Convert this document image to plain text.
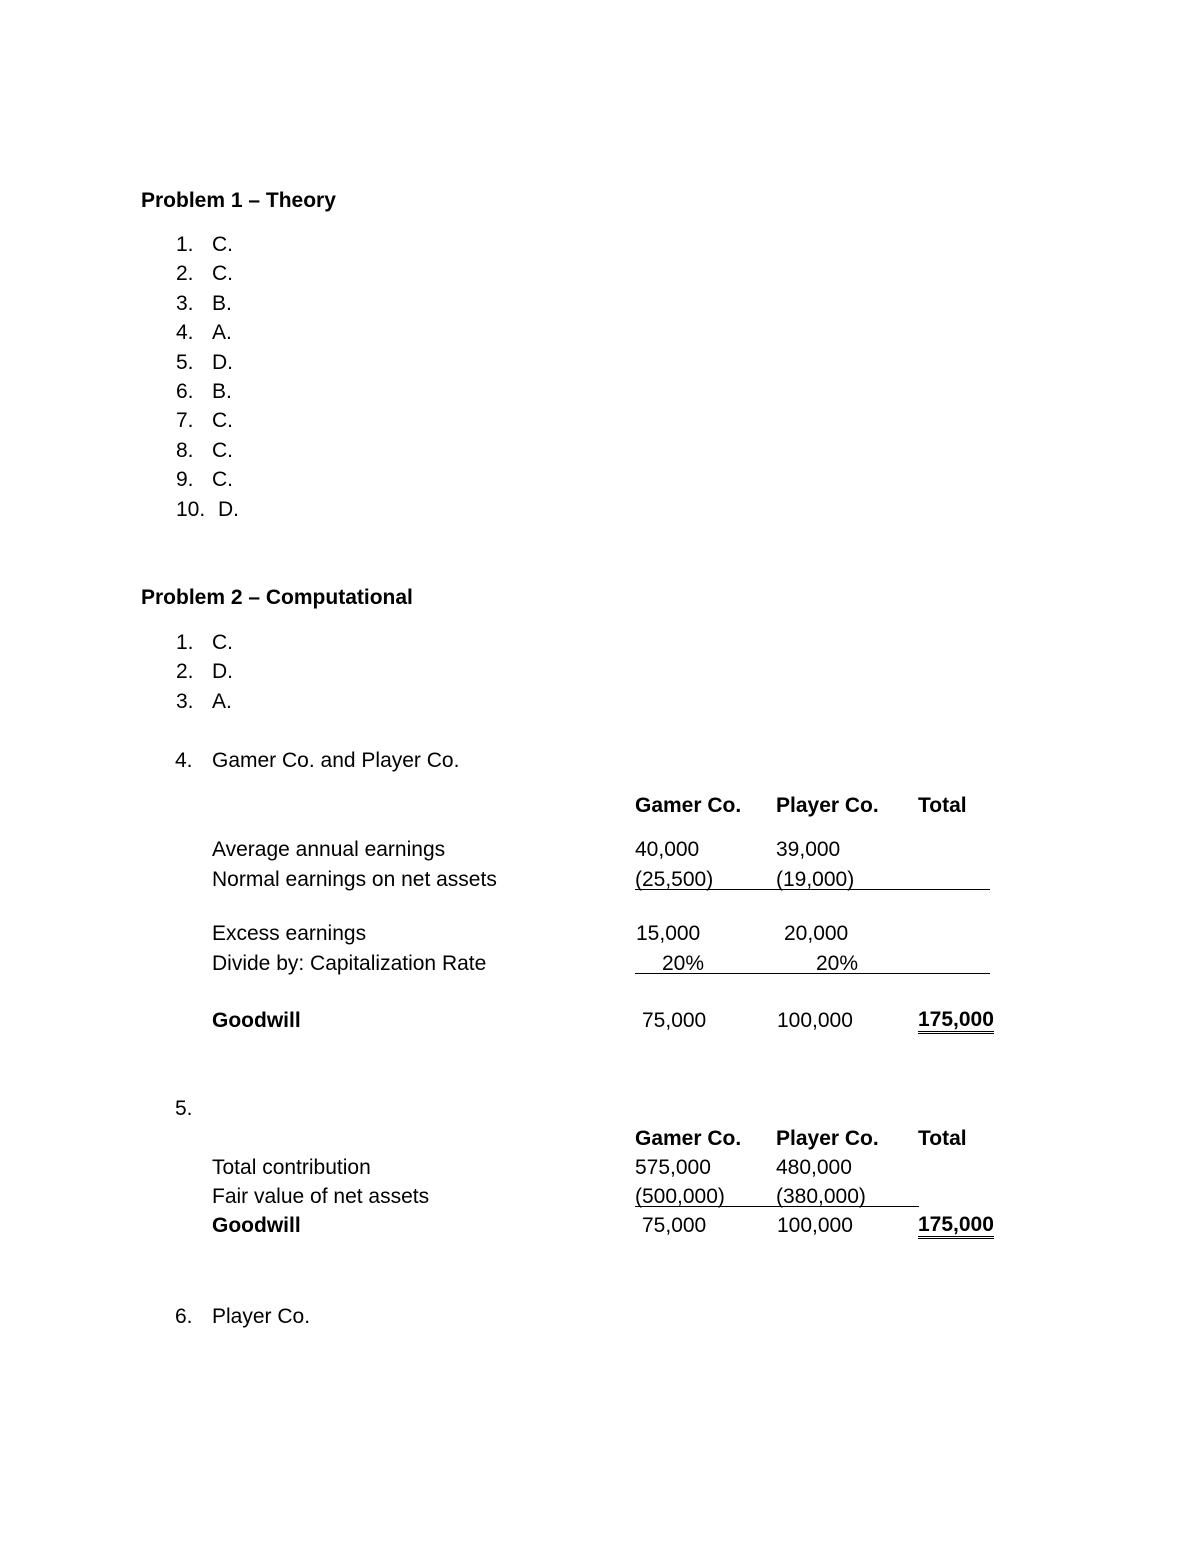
Problem 1 – Theory
1. C.
2. C.
3. B.
4. A.
5. D.
6. B.
7. C.
8. C.
9. C.
10. D.
Problem 2 – Computational
1. C.
2. D.
3. A.
4. Gamer Co. and Player Co.
Gamer Co. Player Co. Total
Average annual earnings	40,000	39,000
Normal earnings on net assets	(25,500)	(19,000)
Excess earnings	15,000	20,000
Divide by: Capitalization Rate	20%	20%
Goodwill	75,000	100,000	175,000
5.
Gamer Co. Player Co. Total
Total contribution	575,000	480,000
Fair value of net assets	(500,000) (380,000)
Goodwill	75,000	100,000	175,000
6. Player Co.
